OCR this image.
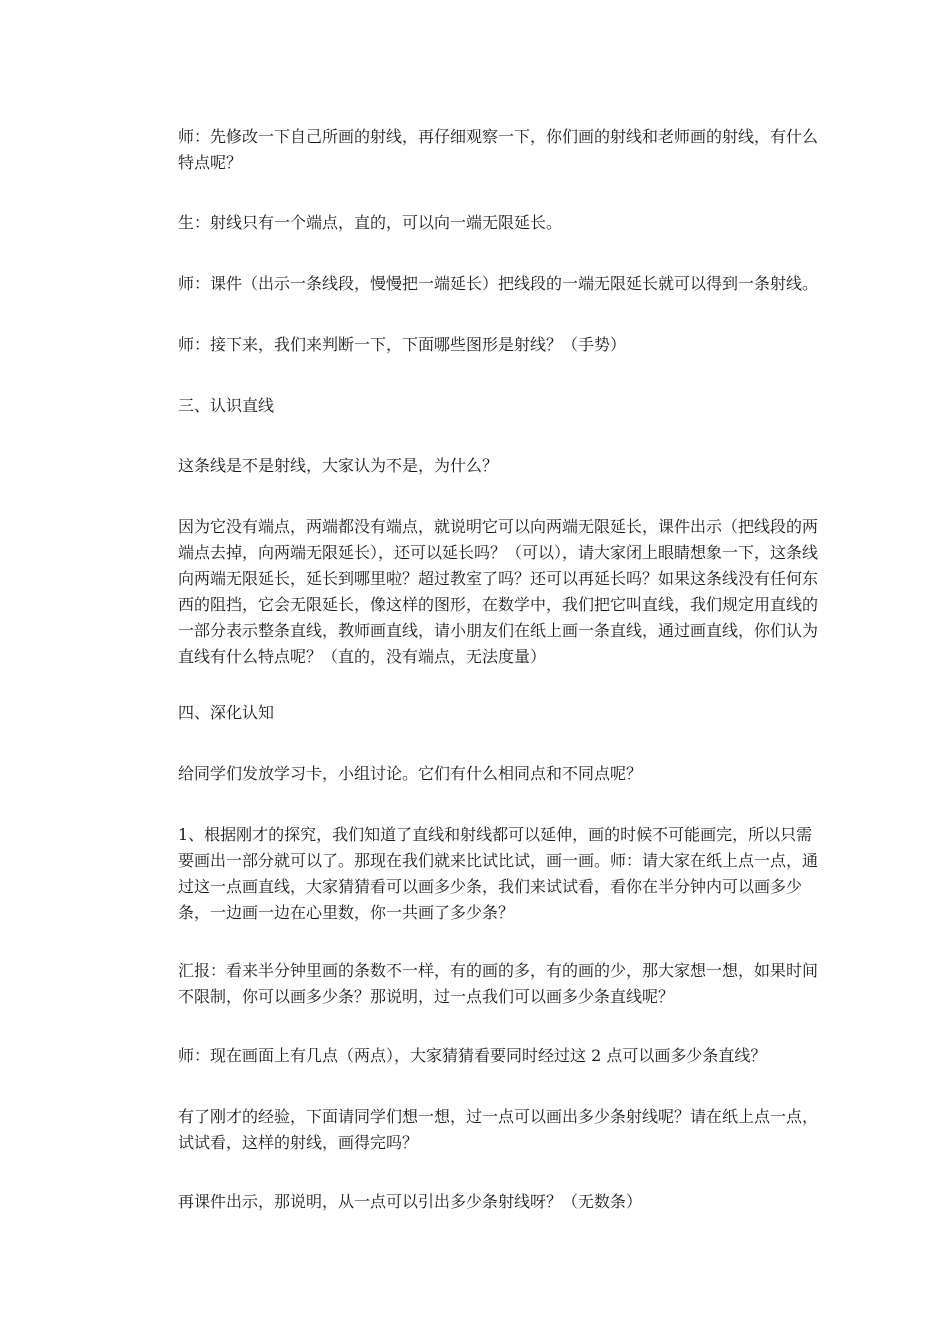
师：先修改一下自己所画的射线，再仔细观察一下，你们画的射线和老师画的射线，有什么特点呢？

生：射线只有一个端点，直的，可以向一端无限延长。

师：课件（出示一条线段，慢慢把一端延长）把线段的一端无限延长就可以得到一条射线。

师：接下来，我们来判断一下，下面哪些图形是射线？（手势）

三、认识直线

这条线是不是射线，大家认为不是，为什么？

因为它没有端点，两端都没有端点，就说明它可以向两端无限延长，课件出示（把线段的两端点去掉，向两端无限延长），还可以延长吗？（可以），请大家闭上眼睛想象一下，这条线向两端无限延长，延长到哪里啦？超过教室了吗？还可以再延长吗？如果这条线没有任何东西的阻挡，它会无限延长，像这样的图形，在数学中，我们把它叫直线，我们规定用直线的一部分表示整条直线，教师画直线，请小朋友们在纸上画一条直线，通过画直线，你们认为直线有什么特点呢？（直的，没有端点，无法度量）

四、深化认知

给同学们发放学习卡，小组讨论。它们有什么相同点和不同点呢？

1、根据刚才的探究，我们知道了直线和射线都可以延伸，画的时候不可能画完，所以只需要画出一部分就可以了。那现在我们就来比试比试，画一画。师：请大家在纸上点一点，通过这一点画直线，大家猜猜看可以画多少条，我们来试试看，看你在半分钟内可以画多少条，一边画一边在心里数，你一共画了多少条？

汇报：看来半分钟里画的条数不一样，有的画的多，有的画的少，那大家想一想，如果时间不限制，你可以画多少条？那说明，过一点我们可以画多少条直线呢？

师：现在画面上有几点（两点），大家猜猜看要同时经过这 2 点可以画多少条直线？

有了刚才的经验，下面请同学们想一想，过一点可以画出多少条射线呢？请在纸上点一点，试试看，这样的射线，画得完吗？

再课件出示，那说明，从一点可以引出多少条射线呀？（无数条）
